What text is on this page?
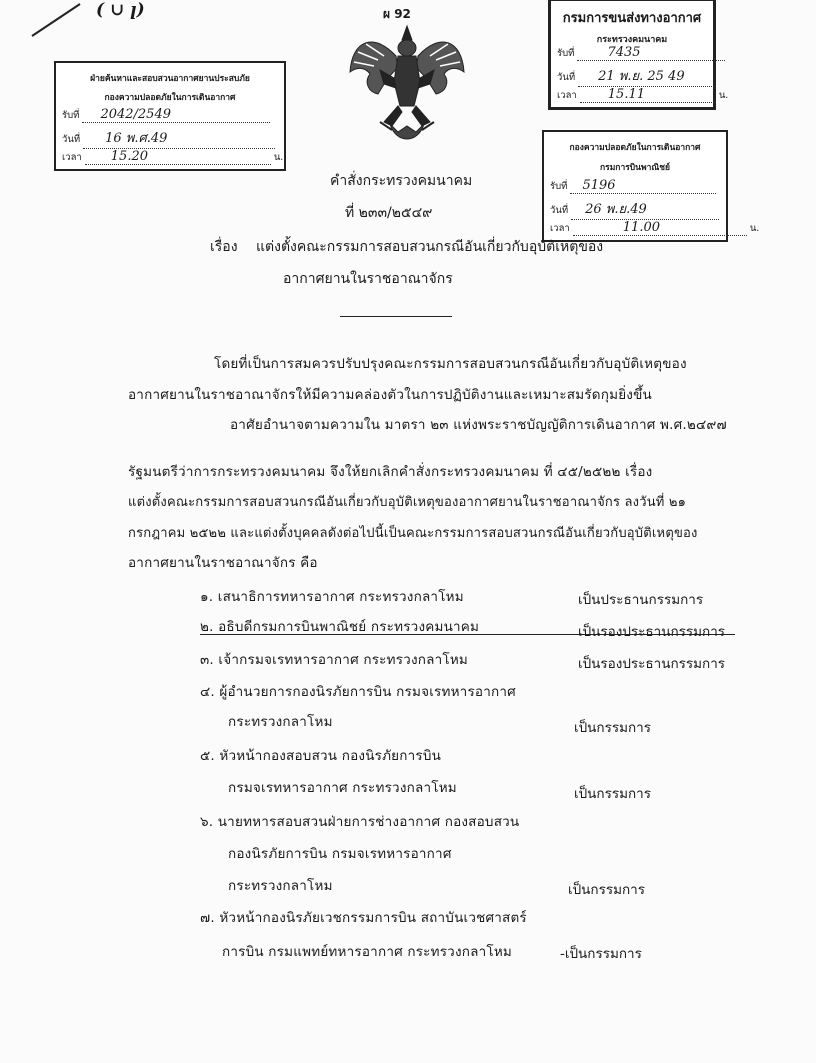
( ∪ ꞁ)	ผ 92
ฝ่ายค้นหาและสอบสวนอากาศยานประสบภัย
กองความปลอดภัยในการเดินอากาศ
รับที่ 2042/2549
วันที่ 16 พ.ศ.49
เวลา 15.20	น.
กรมการขนส่งทางอากาศ
กระทรวงคมนาคม
รับที่	7435
วันที่ 21 พ.ย. 25 49
เวลา 15.11	น.
กองความปลอดภัยในการเดินอากาศ
กรมการบินพาณิชย์
รับที่ 5196
วันที่ 26 พ.ย.49
เวลา	11.00	น.
คำสั่งกระทรวงคมนาคม
ที่ ๒๓๓/๒๕๔๙
เรื่อง แต่งตั้งคณะกรรมการสอบสวนกรณีอันเกี่ยวกับอุบัติเหตุของ
อากาศยานในราชอาณาจักร
โดยที่เป็นการสมควรปรับปรุงคณะกรรมการสอบสวนกรณีอันเกี่ยวกับอุบัติเหตุของ
อากาศยานในราชอาณาจักรให้มีความคล่องตัวในการปฏิบัติงานและเหมาะสมรัดกุมยิ่งขึ้น
อาศัยอำนาจตามความใน มาตรา ๒๓ แห่งพระราชบัญญัติการเดินอากาศ พ.ศ.๒๔๙๗
รัฐมนตรีว่าการกระทรวงคมนาคม จึงให้ยกเลิกคำสั่งกระทรวงคมนาคม ที่ ๔๕/๒๕๒๒ เรื่อง
แต่งตั้งคณะกรรมการสอบสวนกรณีอันเกี่ยวกับอุบัติเหตุของอากาศยานในราชอาณาจักร ลงวันที่ ๒๑
กรกฎาคม ๒๕๒๒ และแต่งตั้งบุคคลดังต่อไปนี้เป็นคณะกรรมการสอบสวนกรณีอันเกี่ยวกับอุบัติเหตุของ
อากาศยานในราชอาณาจักร คือ
๑. เสนาธิการทหารอากาศ กระทรวงกลาโหม	เป็นประธานกรรมการ
๒. อธิบดีกรมการบินพาณิชย์ กระทรวงคมนาคม	เป็นรองประธานกรรมการ
๓. เจ้ากรมจเรทหารอากาศ กระทรวงกลาโหม	เป็นรองประธานกรรมการ
๔. ผู้อำนวยการกองนิรภัยการบิน กรมจเรทหารอากาศ
กระทรวงกลาโหม	เป็นกรรมการ
๕. หัวหน้ากองสอบสวน กองนิรภัยการบิน
กรมจเรทหารอากาศ กระทรวงกลาโหม	เป็นกรรมการ
๖. นายทหารสอบสวนฝ่ายการช่างอากาศ กองสอบสวน
กองนิรภัยการบิน กรมจเรทหารอากาศ
กระทรวงกลาโหม	เป็นกรรมการ
๗. หัวหน้ากองนิรภัยเวชกรรมการบิน สถาบันเวชศาสตร์
การบิน กรมแพทย์ทหารอากาศ กระทรวงกลาโหม	-เป็นกรรมการ
